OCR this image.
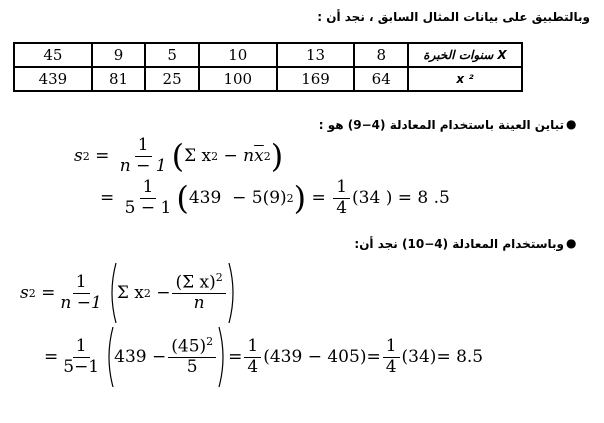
وبالتطبيق على بيانات المثال السابق ، نجد أن :
45	9	5	10	13	8	سنوات الخبرة X
439	81	25	100	169	64	x ²
تباين العينة باستخدام المعادلة (4−9) هو : ●
s $2 = \frac{1}{n - 1}$ ( Σ x 2
− n $\overline{x}$ 2 )
= $\frac{1}{5 - 1}$ ( 439
− 5 (9) 2 ) = $\frac{1}{4} (34$ )
= 8 .5
وباستخدام المعادلة (4−10) نجد أن: ●
s $2 = \frac{1}{n -1}$ Σ x 2
− $\frac{(\Sigma x)^2}{n}$
= $\frac{1}{5-1} 439$
− $\frac{(45)^2}{5} = \frac{1}{4} (439 - 405) = \frac{1}{4} (34) = 8.5$
